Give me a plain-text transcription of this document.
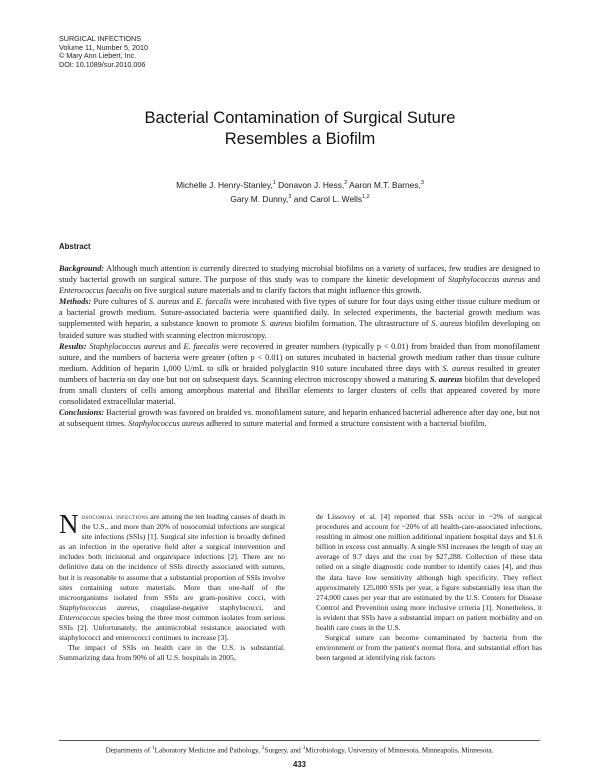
SURGICAL INFECTIONS
Volume 11, Number 5, 2010
© Mary Ann Liebert, Inc.
DOI: 10.1089/sur.2010.006
Bacterial Contamination of Surgical Suture
Resembles a Biofilm
Michelle J. Henry-Stanley,$^1$ Donavon J. Hess,$^2$ Aaron M.T. Barnes,$^3$
Gary M. Dunny,$^3$ and Carol L. Wells$^{1,2}$
Abstract

Background: Although much attention is currently directed to studying microbial biofilms on a variety of surfaces, few studies are designed to study bacterial growth on surgical suture. The purpose of this study was to compare the kinetic development of Staphylococcus aureus and Enterococcus faecalis on five surgical suture materials and to clarify factors that might influence this growth.

Methods: Pure cultures of S. aureus and E. faecalis were incubated with five types of suture for four days using either tissue culture medium or a bacterial growth medium. Suture-associated bacteria were quantified daily. In selected experiments, the bacterial growth medium was supplemented with heparin, a substance known to promote S. aureus biofilm formation. The ultrastructure of S. aureus biofilm developing on braided suture was studied with scanning electron microscopy.

Results: Staphylococcus aureus and E. faecalis were recovered in greater numbers (typically p < 0.01) from braided than from monofilament suture, and the numbers of bacteria were greater (often p < 0.01) on sutures incubated in bacterial growth medium rather than tissue culture medium. Addition of heparin 1,000 U/mL to silk or braided polyglactin 910 suture incubated three days with S. aureus resulted in greater numbers of bacteria on day one but not on subsequent days. Scanning electron microscopy showed a maturing S. aureus biofilm that developed from small clusters of cells among amorphous material and fibrillar elements to larger clusters of cells that appeared covered by more consolidated extracellular material.

Conclusions: Bacterial growth was favored on braided vs. monofilament suture, and heparin enhanced bacterial adherence after day one, but not at subsequent times. Staphylococcus aureus adhered to suture material and formed a structure consistent with a bacterial biofilm.

Nosocomial infections are among the ten leading causes of death in the U.S., and more than 20% of nosocomial infections are surgical site infections (SSIs) [1]. Surgical site infection is broadly defined as an infection in the operative field after a surgical intervention and includes both incisional and organ/space infections [2]. There are no definitive data on the incidence of SSIs directly associated with sutures, but it is reasonable to assume that a substantial proportion of SSIs involve sites containing suture materials. More than one-half of the microorganisms isolated from SSIs are gram-positive cocci, with Staphylococcus aureus, coagulase-negative staphylococci, and Enterococcus species being the three most common isolates from serious SSIs [2]. Unfortunately, the antimicrobial resistance associated with staphylococci and enterococci continues to increase [3].

The impact of SSIs on health care in the U.S. is substantial. Summarizing data from 90% of all U.S. hospitals in 2005,

de Lissovoy et al. [4] reported that SSIs occur in ~2% of surgical procedures and account for ~20% of all health-care-associated infections, resulting in almost one million additional inpatient hospital days and $1.6 billion in excess cost annually. A single SSI increases the length of stay an average of 9.7 days and the cost by $27,288. Collection of these data relied on a single diagnostic code number to identify cases [4], and thus the data have low sensitivity although high specificity. They reflect approximately 125,000 SSIs per year, a figure substantially less than the 274,000 cases per year that are estimated by the U.S. Centers for Disease Control and Prevention using more inclusive criteria [1]. Nonetheless, it is evident that SSIs have a substantial impact on patient morbidity and on health care costs in the U.S.

Surgical suture can become contaminated by bacteria from the environment or from the patient's normal flora, and substantial effort has been targeted at identifying risk factors

Departments of $^1$Laboratory Medicine and Pathology, $^2$Surgery, and $^3$Microbiology, University of Minnesota, Minneapolis, Minnesota.
433
